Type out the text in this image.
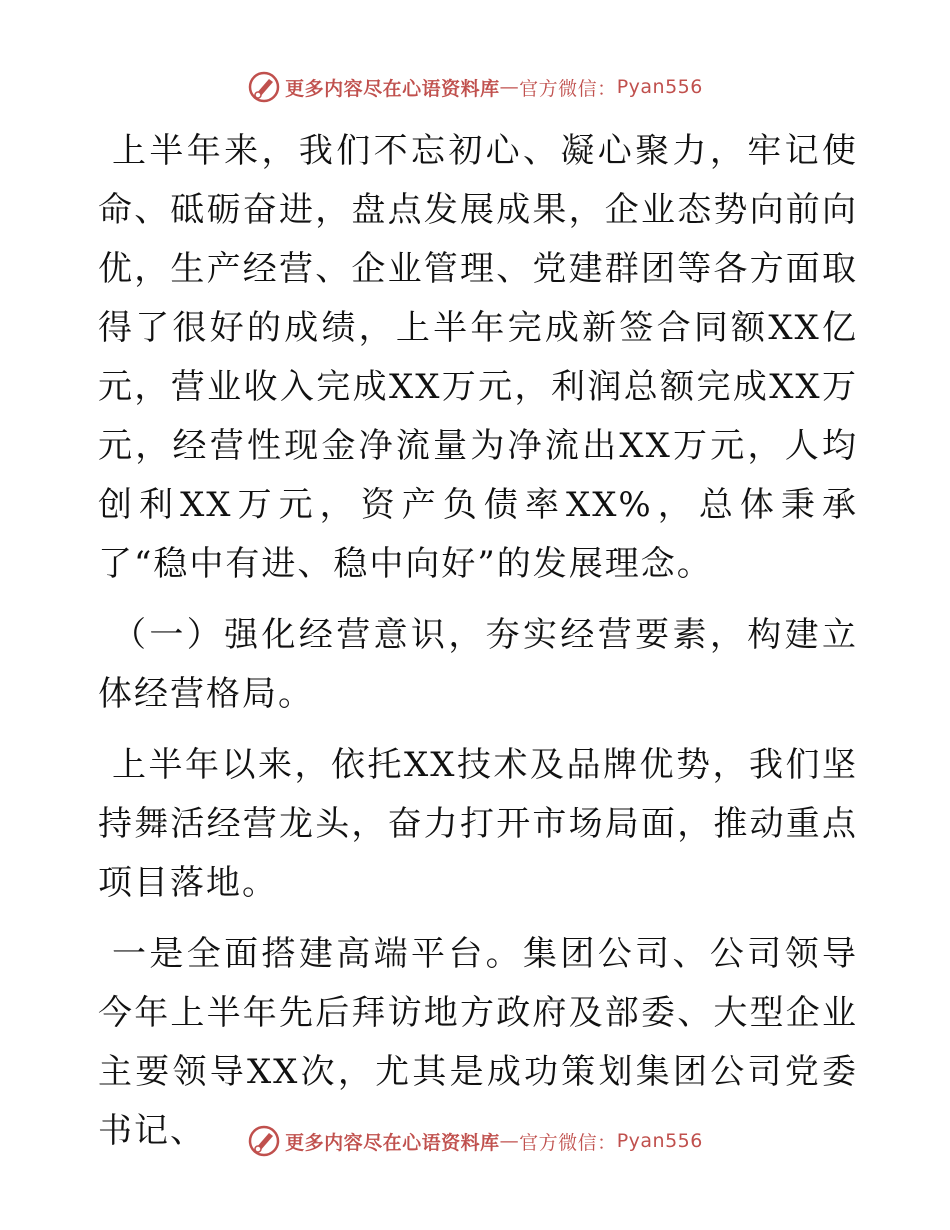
更多内容尽在心语资料库 — 官方微信： Pyan556

上半年来，我们不忘初心、凝心聚力，牢记使命、砥砺奋进，盘点发展成果，企业态势向前向优，生产经营、企业管理、党建群团等各方面取得了很好的成绩，上半年完成新签合同额XX亿元，营业收入完成XX万元，利润总额完成XX万元，经营性现金净流量为净流出XX万元，人均创利XX万元，资产负债率XX%，总体秉承了“稳中有进、稳中向好”的发展理念。

（一）强化经营意识，夯实经营要素，构建立体经营格局。

上半年以来，依托XX技术及品牌优势，我们坚持舞活经营龙头，奋力打开市场局面，推动重点项目落地。

一是全面搭建高端平台。集团公司、公司领导今年上半年先后拜访地方政府及部委、大型企业主要领导XX次，尤其是成功策划集团公司党委书记、	更多内容尽在心语资料库 — 官方微信： Pyan556
